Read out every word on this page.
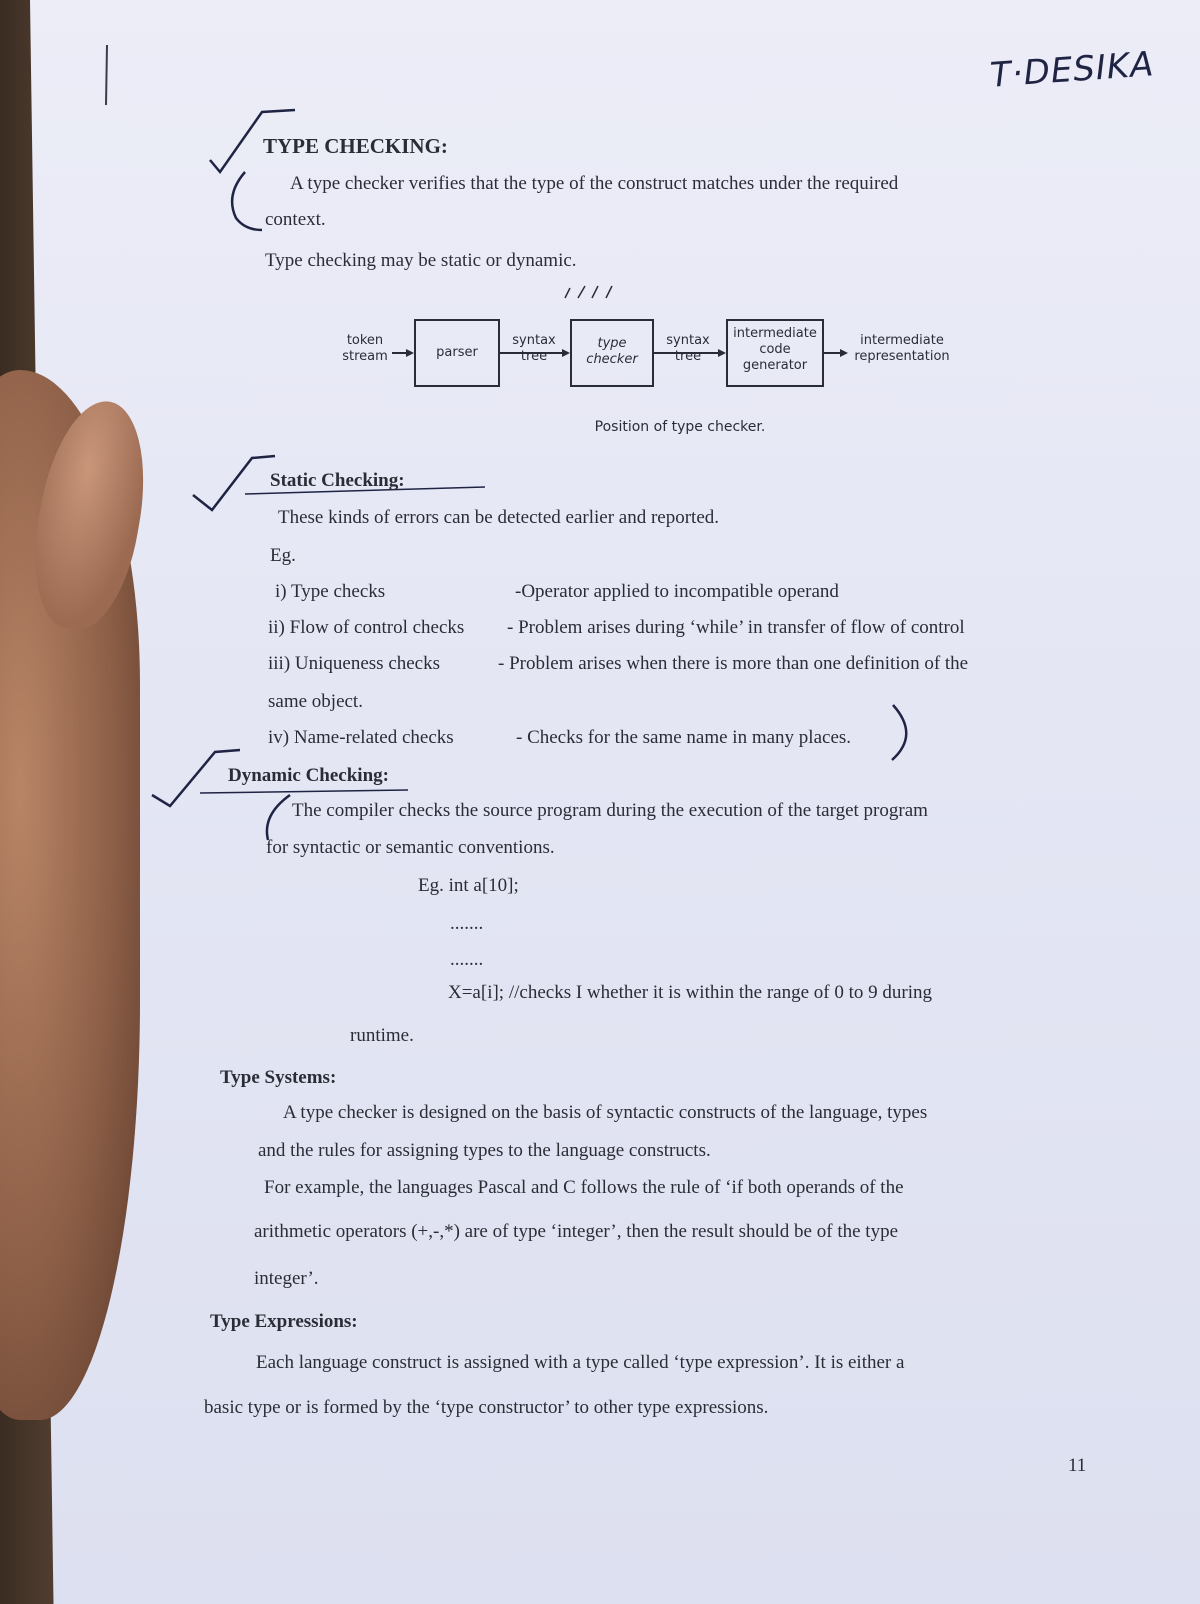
T·DESIKA
TYPE CHECKING:
A type checker verifies that the type of the construct matches under the required
context.
Type checking may be static or dynamic.
token
stream	parser
syntax
tree
type
checker
syntax
tree
intermediate
code
generator
intermediate
representation
Position of type checker.
Static Checking:
These kinds of errors can be detected earlier and reported.
Eg.
i) Type checks	-Operator applied to incompatible operand
ii) Flow of control checks - Problem arises during ‘while’ in transfer of flow of control
iii) Uniqueness checks	- Problem arises when there is more than one definition of the
same object.
iv) Name-related checks	- Checks for the same name in many places.
Dynamic Checking:
The compiler checks the source program during the execution of the target program
for syntactic or semantic conventions.
Eg. int a[10];
.......
.......
X=a[i]; //checks I whether it is within the range of 0 to 9 during
runtime.
Type Systems:
A type checker is designed on the basis of syntactic constructs of the language, types
and the rules for assigning types to the language constructs.
For example, the languages Pascal and C follows the rule of ‘if both operands of the
arithmetic operators (+,-,*) are of type ‘integer’, then the result should be of the type
integer’.
Type Expressions:
Each language construct is assigned with a type called ‘type expression’. It is either a
basic type or is formed by the ‘type constructor’ to other type expressions.
11
